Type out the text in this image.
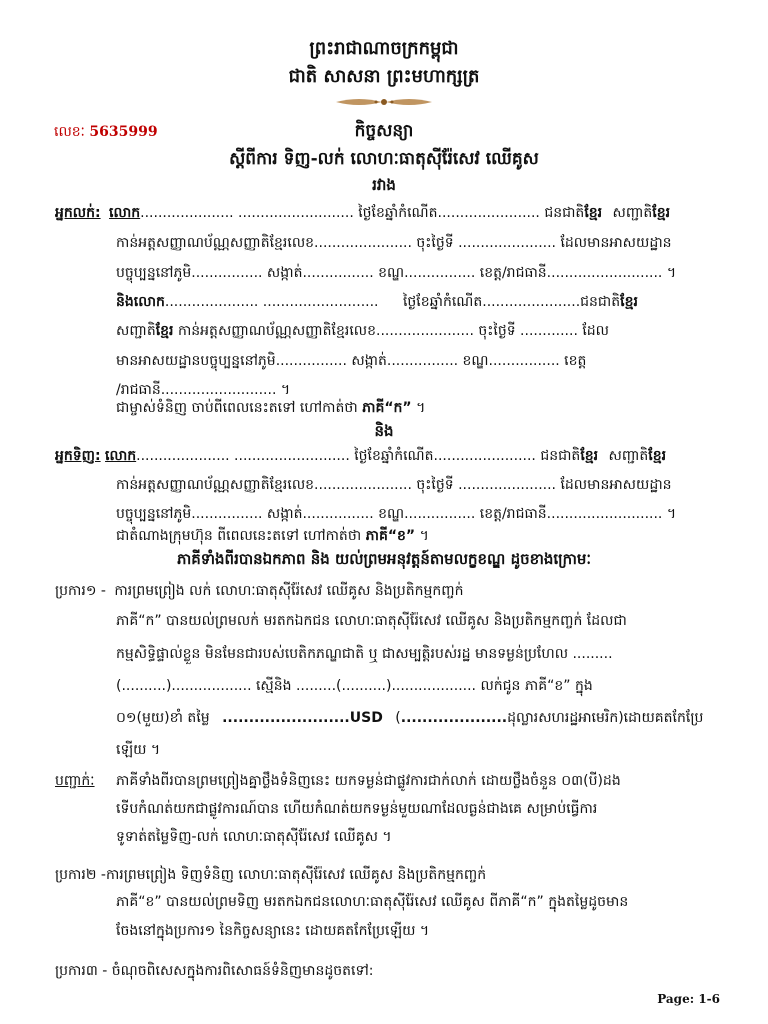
ព្រះរាជាណាចក្រកម្ពុជា
ជាតិ សាសនា ព្រះមហាក្សត្រ
លេខៈ 5635999	កិច្ចសន្យា
ស្តីពីការ ទិញ-លក់ លោហៈធាតុស៊ីរ៉ែសេវ ឈើគូស
រវាង
អ្នកលក់: លោក..................... .......................... ថ្ងៃខែឆ្នាំកំណើត....................... ជនជាតិខ្មែរ សញ្ជាតិខ្មែរ
កាន់អត្តសញ្ញាណប័ណ្ណសញ្ញាតិខ្មែរលេខ...................... ចុះថ្ងៃទី ...................... ដែលមានអាសយដ្ឋាន
បច្ចុប្បន្ននៅភូមិ................ សង្កាត់................ ខណ្ឌ................ ខេត្ត/រាជធានី.......................... ។
និងលោក..................... .......................... ថ្ងៃខែឆ្នាំកំណើត......................ជនជាតិខ្មែរ
សញ្ជាតិខ្មែរ កាន់អត្តសញ្ញាណប័ណ្ណសញ្ញាតិខ្មែរលេខ...................... ចុះថ្ងៃទី ............. ដែល
មានអាសយដ្ឋានបច្ចុប្បន្ននៅភូមិ................ សង្កាត់................ ខណ្ឌ................ ខេត្ត
/រាជធានី.......................... ។
ជាម្ចាស់ទំនិញ ចាប់ពីពេលនេះតទៅ ហៅកាត់ថា ភាគី“ក” ។
និង
អ្នកទិញ: លោក..................... .......................... ថ្ងៃខែឆ្នាំកំណើត....................... ជនជាតិខ្មែរ សញ្ជាតិខ្មែរ
កាន់អត្តសញ្ញាណប័ណ្ណសញ្ញាតិខ្មែរលេខ...................... ចុះថ្ងៃទី ...................... ដែលមានអាសយដ្ឋាន
បច្ចុប្បន្ននៅភូមិ................ សង្កាត់................ ខណ្ឌ................ ខេត្ត/រាជធានី.......................... ។
ជាតំណាងក្រុមហ៊ុន ពីពេលនេះតទៅ ហៅកាត់ថា ភាគី“ខ” ។
ភាគីទាំងពីរបានឯកភាព និង យល់ព្រមអនុវត្តន៍តាមលក្ខខណ្ឌ ដូចខាងក្រោមៈ
ប្រការ១ - ការព្រមព្រៀង លក់ លោហៈធាតុស៊ីរ៉ែសេវ ឈើគូស និងប្រតិកម្មកញ្ចក់
ភាគី“ក” បានយល់ព្រមលក់ មរតកឯកជន លោហៈធាតុស៊ីរ៉ែសេវ ឈើគូស និងប្រតិកម្មកញ្ចក់ ដែលជា
កម្មសិទ្ធិផ្ទាល់ខ្លួន មិនមែនជារបស់បេតិកភណ្ឌជាតិ ឬ ជាសម្បត្តិរបស់រដ្ឋ មានទម្ងន់ប្រហែល .........
(..........).................. ស្មើនិង .........(..........)................... លក់ជូន ភាគី“ខ” ក្នុង
០១(មួយ)ខាំ តម្លៃ ........................USD (....................ដុល្លារសហរដ្ឋអាមេរិក)ដោយគតកែប្រែ
ឡើយ ។
បញ្ជាក់ៈ ភាគីទាំងពីរបានព្រមព្រៀងគ្នាថ្លឹងទំនិញនេះ យកទម្ងន់ជាផ្លូវការជាក់លាក់ ដោយថ្លឹងចំនួន ០៣(បី)ដង
ទើបកំណត់យកជាផ្លូវការណ៍បាន ហើយកំណត់យកទម្ងន់មួយណាដែលធ្ងន់ជាងគេ សម្រាប់ធ្វើការ
ទូទាត់តម្លៃទិញ-លក់ លោហៈធាតុស៊ីរ៉ែសេវ ឈើគូស ។
ប្រការ២ -ការព្រមព្រៀង ទិញទំនិញ លោហៈធាតុស៊ីរ៉ែសេវ ឈើគូស និងប្រតិកម្មកញ្ចក់
ភាគី“ខ” បានយល់ព្រមទិញ មរតកឯកជនលោហៈធាតុស៊ីរ៉ែសេវ ឈើគូស ពីភាគី“ក” ក្នុងតម្លៃដូចមាន
ចែងនៅក្នុងប្រការ១ នៃកិច្ចសន្យានេះ ដោយគតកែប្រែឡើយ ។
ប្រការ៣ - ចំណុចពិសេសក្នុងការពិសោធន៍ទំនិញមានដូចតទៅ:
Page: 1-6
